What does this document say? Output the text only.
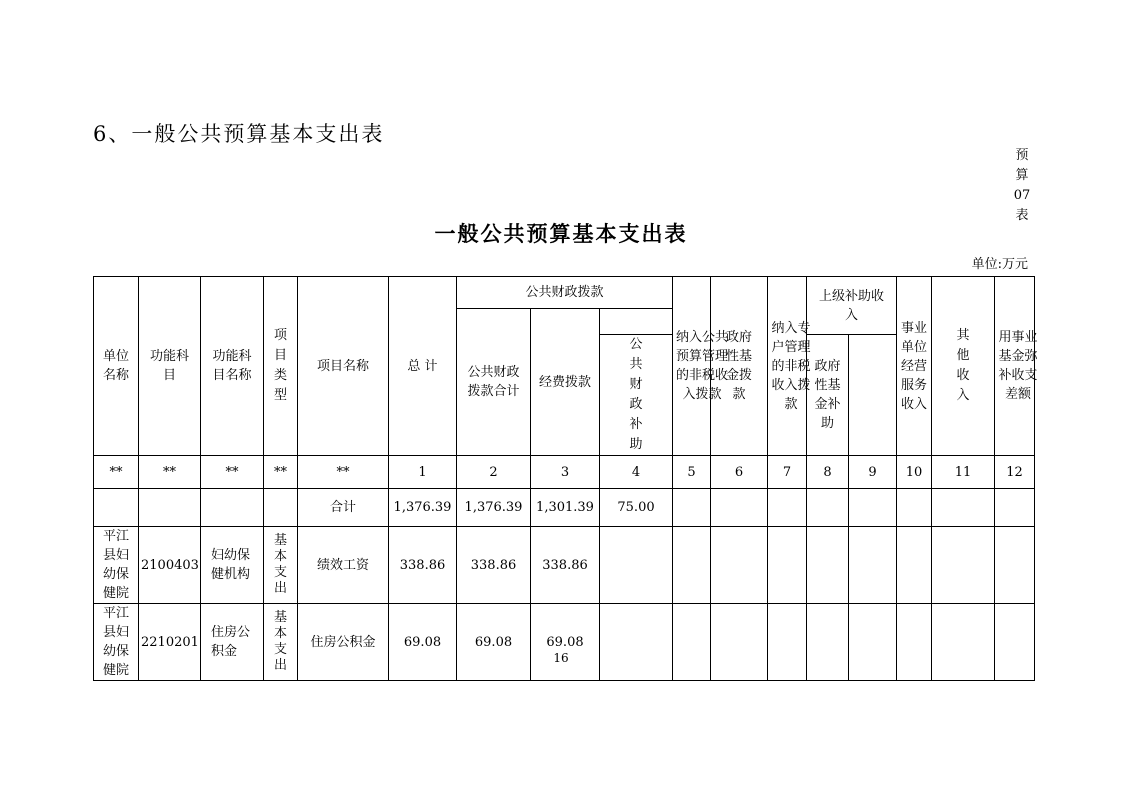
6、一般公共预算基本支出表
预算07表
一般公共预算基本支出表
单位:万元
单位名称	功能科目	功能科目名称	项目类型	项目名称	总 计	公共财政拨款			纳入公共预算管理的非税收入拨款	政府性基金拨款	纳入专户管理的非税收入拨款	上级补助收入		事业单位经营服务收入	其他收入	用事业基金弥补收支差额

						公共财政拨款合计	经费拨款									

								公共财政补助				政府性基金补助					

**	**	**	**	**	1	2	3	4	5	6	7	8	9	10	11	12	
				合计	1,376.39	1,376.39	1,301.39	75.00									

平江县妇幼保健院	2100403	妇幼保健机构	基本支出	绩效工资	338.86	338.86	338.86										

平江县妇幼保健院	2210201	住房公积金	基本支出	住房公积金	69.08	69.08	69.08										
16
